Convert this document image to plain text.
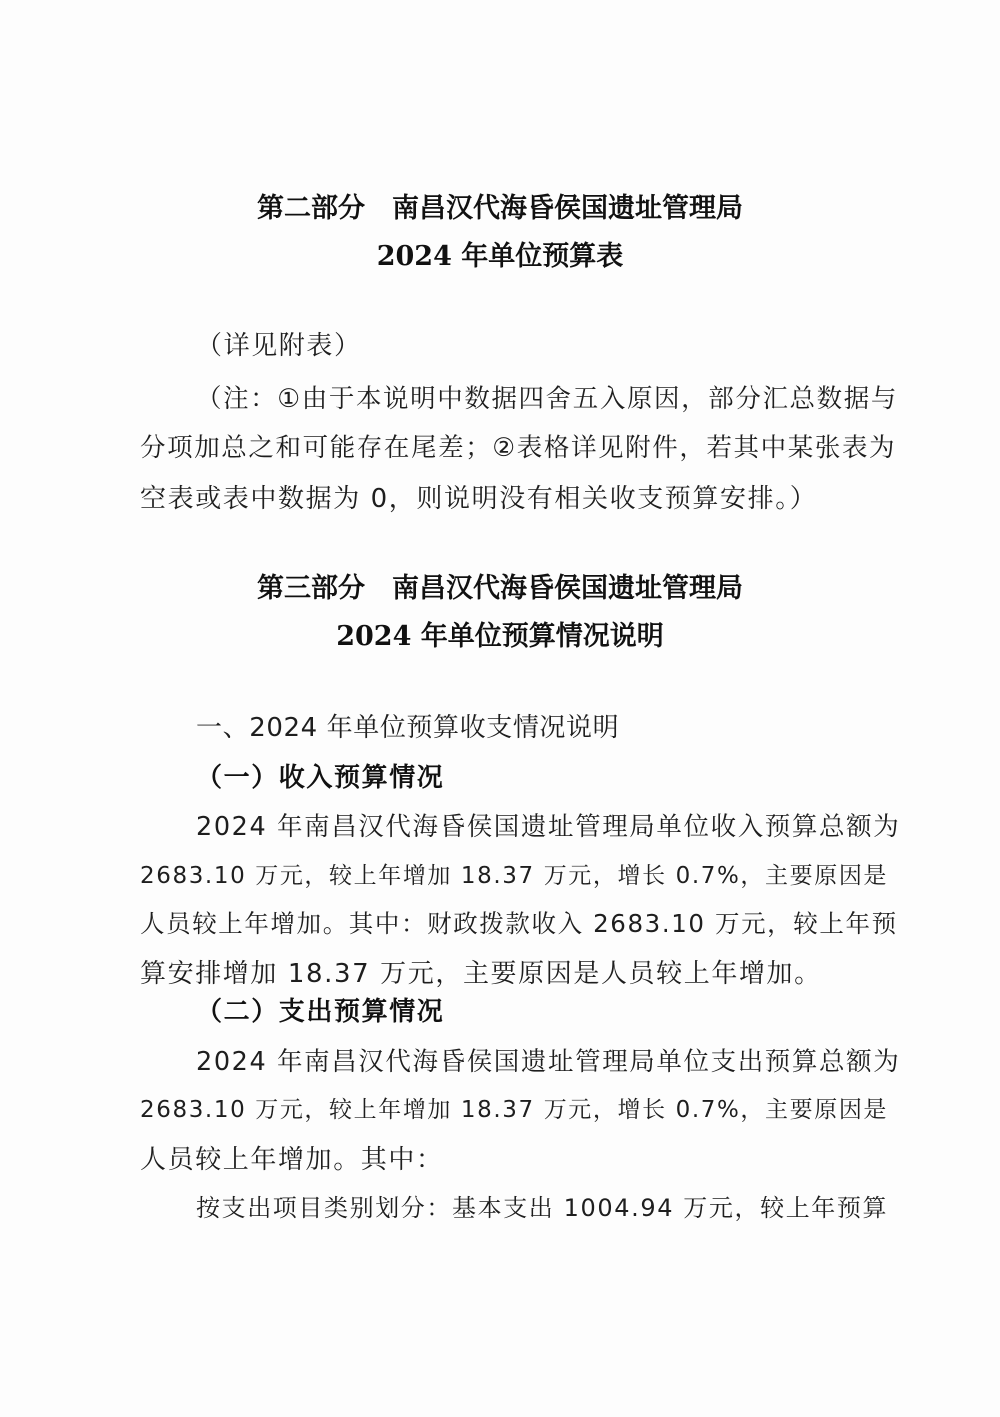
第二部分　南昌汉代海昏侯国遗址管理局
2024 年单位预算表
（详见附表）
（注：①由于本说明中数据四舍五入原因，部分汇总数据与
分项加总之和可能存在尾差；②表格详见附件，若其中某张表为
空表或表中数据为 0，则说明没有相关收支预算安排。）
第三部分　南昌汉代海昏侯国遗址管理局
2024 年单位预算情况说明
一、2024 年单位预算收支情况说明
（一）收入预算情况
2024 年南昌汉代海昏侯国遗址管理局单位收入预算总额为
2683.10 万元，较上年增加 18.37 万元，增长 0.7%，主要原因是
人员较上年增加。其中：财政拨款收入 2683.10 万元，较上年预
算安排增加 18.37 万元，主要原因是人员较上年增加。
（二）支出预算情况
2024 年南昌汉代海昏侯国遗址管理局单位支出预算总额为
2683.10 万元，较上年增加 18.37 万元，增长 0.7%，主要原因是
人员较上年增加。其中：
按支出项目类别划分：基本支出 1004.94 万元，较上年预算
